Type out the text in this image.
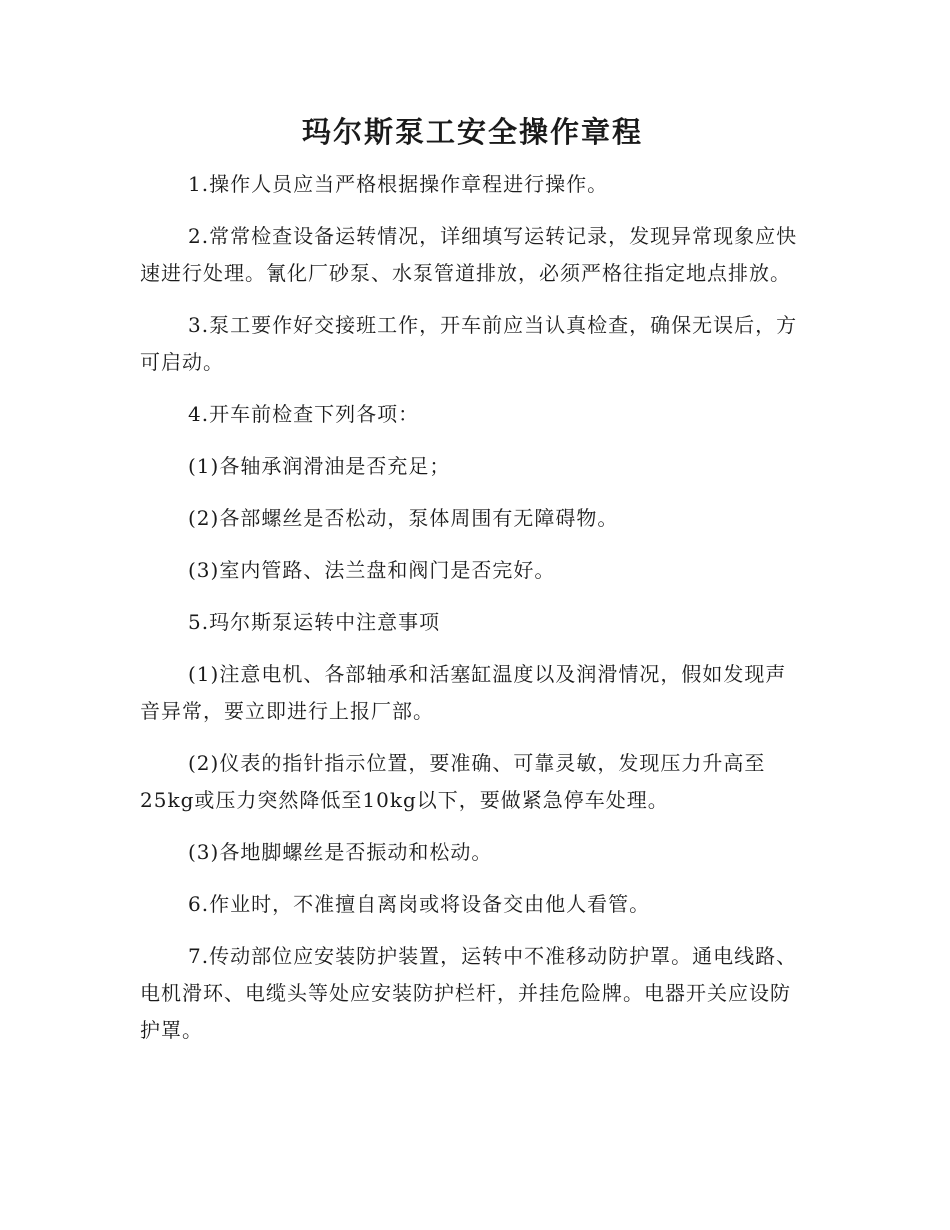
玛尔斯泵工安全操作章程

1.操作人员应当严格根据操作章程进行操作。

2.常常检查设备运转情况，详细填写运转记录，发现异常现象应快速进行处理。氰化厂砂泵、水泵管道排放，必须严格往指定地点排放。

3.泵工要作好交接班工作，开车前应当认真检查，确保无误后，方可启动。

4.开车前检查下列各项：

(1)各轴承润滑油是否充足；

(2)各部螺丝是否松动，泵体周围有无障碍物。

(3)室内管路、法兰盘和阀门是否完好。

5.玛尔斯泵运转中注意事项

(1)注意电机、各部轴承和活塞缸温度以及润滑情况，假如发现声音异常，要立即进行上报厂部。

(2)仪表的指针指示位置，要准确、可靠灵敏，发现压力升高至25kg或压力突然降低至10kg以下，要做紧急停车处理。

(3)各地脚螺丝是否振动和松动。

6.作业时，不准擅自离岗或将设备交由他人看管。

7.传动部位应安装防护装置，运转中不准移动防护罩。通电线路、电机滑环、电缆头等处应安装防护栏杆，并挂危险牌。电器开关应设防护罩。
